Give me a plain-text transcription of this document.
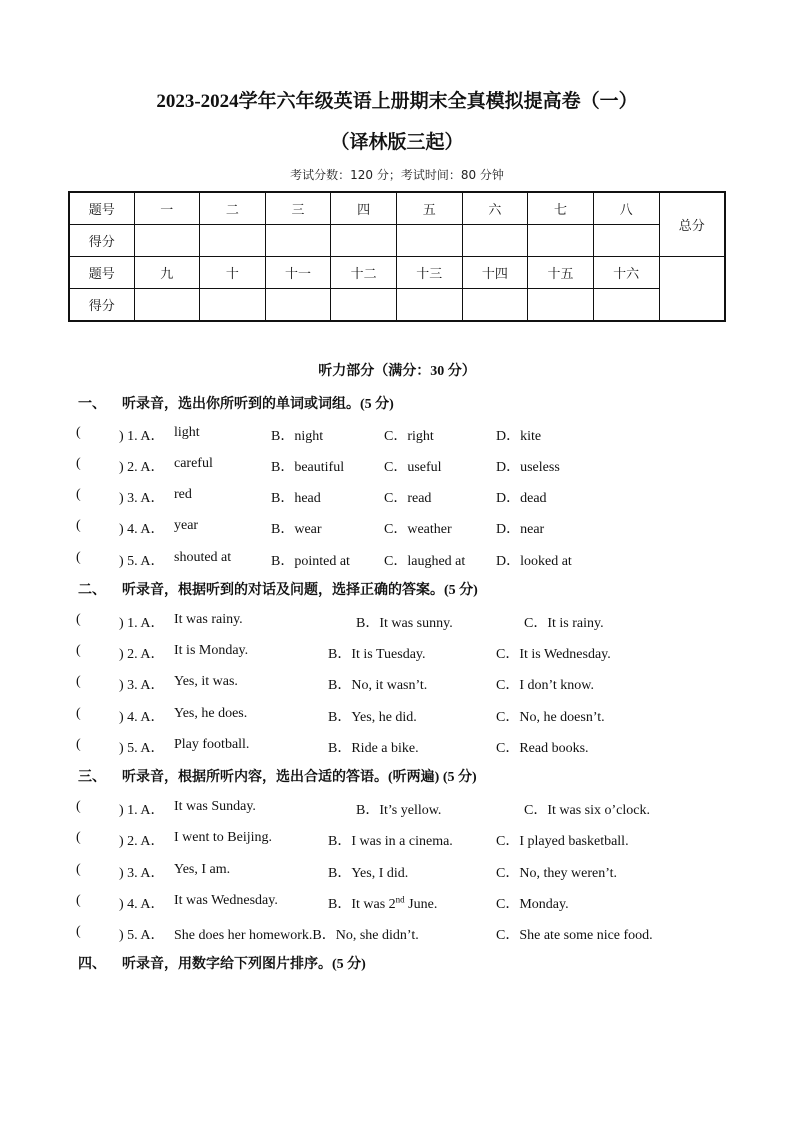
2023-2024学年六年级英语上册期末全真模拟提高卷（一）
（译林版三起）
考试分数：120 分；考试时间：80 分钟
题号	一	二	三	四	五	六	七	八	总分
得分									
题号	九	十	十一	十二	十三	十四	十五	十六	
得分									
听力部分（满分：30 分）
一、 听录音，选出你所听到的单词或词组。(5 分)
二、 听录音，根据听到的对话及问题，选择正确的答案。(5 分)
三、 听录音，根据所听内容，选出合适的答语。(听两遍) (5 分)
四、 听录音，用数字给下列图片排序。(5 分)
(	) 1. A． light	B．night	C．right	D．kite
(	) 2. A． careful	B．beautiful	C．useful	D．useless
(	) 3. A． red	B．head	C．read	D．dead
(	) 4. A． year	B．wear	C．weather	D．near
(	) 5. A． shouted at	B．pointed at C．laughed at D．looked at
(	) 1. A． It was rainy.	B．It was sunny.	C．It is rainy.
(	) 2. A． It is Monday.	B．It is Tuesday.	C．It is Wednesday.
(	) 3. A． Yes, it was.	B．No, it wasn’t.	C．I don’t know.
(	) 4. A． Yes, he does.	B．Yes, he did.	C．No, he doesn’t.
(	) 5. A． Play football.	B．Ride a bike.	C．Read books.
(	) 1. A． It was Sunday.	B．It’s yellow.	C．It was six o’clock.
(	) 2. A． I went to Beijing.	B．I was in a cinema.	C．I played basketball.
(	) 3. A． Yes, I am.	B．Yes, I did.	C．No, they weren’t.
(	) 4. A． It was Wednesday.	B．It was 2nd June.	C．Monday.
(	) 5. A． She does her homework.B．No, she didn’t.	C．She ate some nice food.
